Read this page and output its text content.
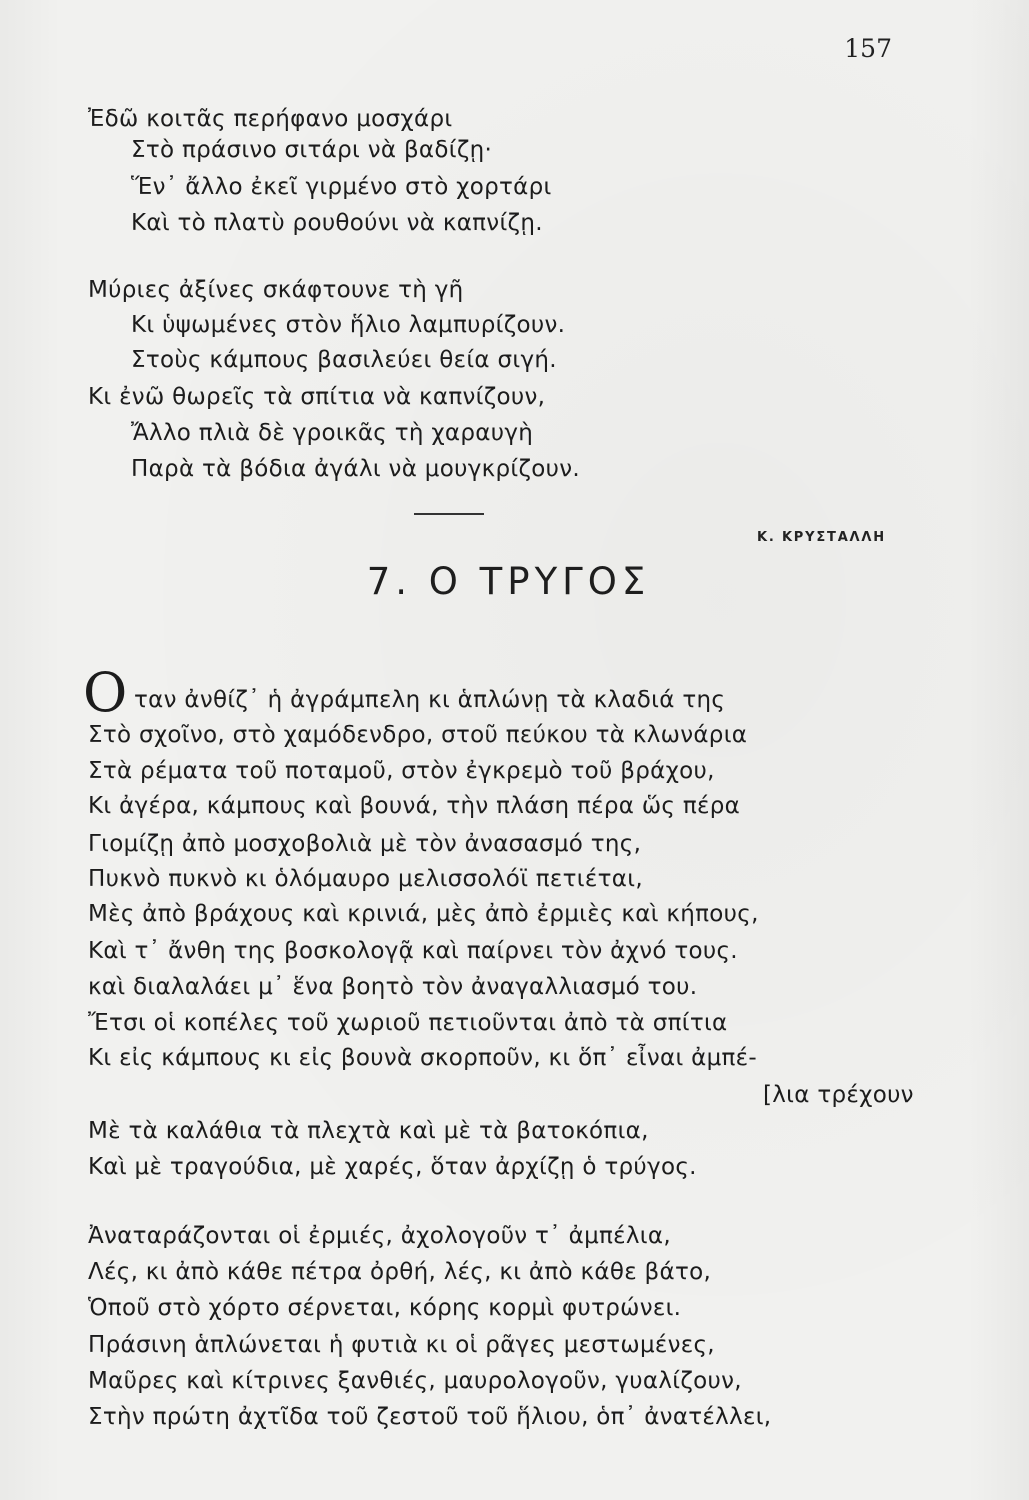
157
Ἐδῶ κοιτᾶς περήφανο μοσχάρι
Στὸ πράσινο σιτάρι νὰ βαδίζῃ·
Ἕν᾽ ἄλλο ἐκεῖ γιρμένο στὸ χορτάρι
Καὶ τὸ πλατὺ ρουθούνι νὰ καπνίζῃ.
Μύριες ἀξίνες σκάφτουνε τὴ γῆ
Κι ὑψωμένες στὸν ἥλιο λαμπυρίζουν.
Στοὺς κάμπους βασιλεύει θεία σιγή.
Κι ἐνῶ θωρεῖς τὰ σπίτια νὰ καπνίζουν,
Ἄλλο πλιὰ δὲ γροικᾶς τὴ χαραυγὴ
Παρὰ τὰ βόδια ἀγάλι νὰ μουγκρίζουν.
Κ. ΚΡΥΣΤΑΛΛΗ
7. Ο ΤΡΥΓΟΣ
Ο ταν ἀνθίζ᾽ ἡ ἀγράμπελη κι ἁπλώνῃ τὰ κλαδιά της
Στὸ σχοῖνο, στὸ χαμόδενδρο, στοῦ πεύκου τὰ κλωνάρια
Στὰ ρέματα τοῦ ποταμοῦ, στὸν ἐγκρεμὸ τοῦ βράχου,
Κι ἀγέρα, κάμπους καὶ βουνά, τὴν πλάση πέρα ὥς πέρα
Γιομίζῃ ἀπὸ μοσχοβολιὰ μὲ τὸν ἀνασασμό της,
Πυκνὸ πυκνὸ κι ὁλόμαυρο μελισσολόϊ πετιέται,
Μὲς ἀπὸ βράχους καὶ κρινιά, μὲς ἀπὸ ἐρμιὲς καὶ κήπους,
Καὶ τ᾽ ἄνθη της βοσκολογᾷ καὶ παίρνει τὸν ἀχνό τους.
καὶ διαλαλάει μ᾽ ἕνα βοητὸ τὸν ἀναγαλλιασμό του.
Ἔτσι οἱ κοπέλες τοῦ χωριοῦ πετιοῦνται ἀπὸ τὰ σπίτια
Κι εἰς κάμπους κι εἰς βουνὰ σκορποῦν, κι ὅπ᾽ εἶναι ἀμπέ-
[λια τρέχουν
Μὲ τὰ καλάθια τὰ πλεχτὰ καὶ μὲ τὰ βατοκόπια,
Καὶ μὲ τραγούδια, μὲ χαρές, ὅταν ἀρχίζῃ ὁ τρύγος.
Ἀναταράζονται οἱ ἐρμιές, ἀχολογοῦν τ᾽ ἀμπέλια,
Λές, κι ἀπὸ κάθε πέτρα ὀρθή, λές, κι ἀπὸ κάθε βάτο,
Ὁποῦ στὸ χόρτο σέρνεται, κόρης κορμὶ φυτρώνει.
Πράσινη ἁπλώνεται ἡ φυτιὰ κι οἱ ρᾶγες μεστωμένες,
Μαῦρες καὶ κίτρινες ξανθιές, μαυρολογοῦν, γυαλίζουν,
Στὴν πρώτη ἀχτῖδα τοῦ ζεστοῦ τοῦ ἥλιου, ὁπ᾽ ἀνατέλλει,
